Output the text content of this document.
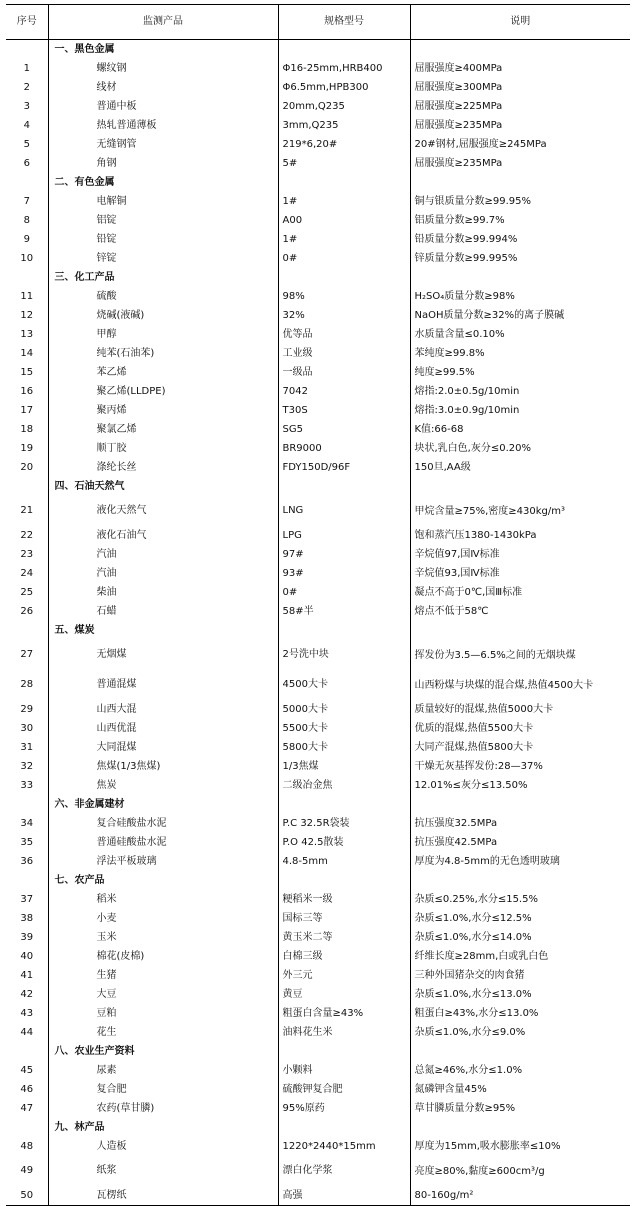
序号	监测产品	规格型号	说明
	一、黑色金属		
1	螺纹钢	Φ16-25mm,HRB400	屈服强度≥400MPa
2	线材	Φ6.5mm,HPB300	屈服强度≥300MPa
3	普通中板	20mm,Q235	屈服强度≥225MPa
4	热轧普通薄板	3mm,Q235	屈服强度≥235MPa
5	无缝钢管	219*6,20#	20#钢材,屈服强度≥245MPa
6	角钢	5#	屈服强度≥235MPa
	二、有色金属		
7	电解铜	1#	铜与银质量分数≥99.95%
8	铝锭	A00	铝质量分数≥99.7%
9	铅锭	1#	铅质量分数≥99.994%
10	锌锭	0#	锌质量分数≥99.995%
	三、化工产品		
11	硫酸	98%	H₂SO₄质量分数≥98%
12	烧碱(液碱)	32%	NaOH质量分数≥32%的离子膜碱
13	甲醇	优等品	水质量含量≤0.10%
14	纯苯(石油苯)	工业级	苯纯度≥99.8%
15	苯乙烯	一级品	纯度≥99.5%
16	聚乙烯(LLDPE)	7042	熔指:2.0±0.5g/10min
17	聚丙烯	T30S	熔指:3.0±0.9g/10min
18	聚氯乙烯	SG5	K值:66-68
19	顺丁胶	BR9000	块状,乳白色,灰分≤0.20%
20	涤纶长丝	FDY150D/96F	150旦,AA级
	四、石油天然气		
21	液化天然气	LNG	甲烷含量≥75%,密度≥430kg/m³
22	液化石油气	LPG	饱和蒸汽压1380-1430kPa
23	汽油	97#	辛烷值97,国Ⅳ标准
24	汽油	93#	辛烷值93,国Ⅳ标准
25	柴油	0#	凝点不高于0℃,国Ⅲ标准
26	石蜡	58#半	熔点不低于58℃
	五、煤炭		
27	无烟煤	2号洗中块	挥发份为3.5—6.5%之间的无烟块煤
28	普通混煤	4500大卡	山西粉煤与块煤的混合煤,热值4500大卡
29	山西大混	5000大卡	质量较好的混煤,热值5000大卡
30	山西优混	5500大卡	优质的混煤,热值5500大卡
31	大同混煤	5800大卡	大同产混煤,热值5800大卡
32	焦煤(1/3焦煤)	1/3焦煤	干燥无灰基挥发份:28—37%
33	焦炭	二级冶金焦	12.01%≤灰分≤13.50%
	六、非金属建材		
34	复合硅酸盐水泥	P.C 32.5R袋装	抗压强度32.5MPa
35	普通硅酸盐水泥	P.O 42.5散装	抗压强度42.5MPa
36	浮法平板玻璃	4.8-5mm	厚度为4.8-5mm的无色透明玻璃
	七、农产品		
37	稻米	粳稻米一级	杂质≤0.25%,水分≤15.5%
38	小麦	国标三等	杂质≤1.0%,水分≤12.5%
39	玉米	黄玉米二等	杂质≤1.0%,水分≤14.0%
40	棉花(皮棉)	白棉三级	纤维长度≥28mm,白或乳白色
41	生猪	外三元	三种外国猪杂交的肉食猪
42	大豆	黄豆	杂质≤1.0%,水分≤13.0%
43	豆粕	粗蛋白含量≥43%	粗蛋白≥43%,水分≤13.0%
44	花生	油料花生米	杂质≤1.0%,水分≤9.0%
	八、农业生产资料		
45	尿素	小颗料	总氮≥46%,水分≤1.0%
46	复合肥	硫酸钾复合肥	氮磷钾含量45%
47	农药(草甘膦)	95%原药	草甘膦质量分数≥95%
	九、林产品		
48	人造板	1220*2440*15mm	厚度为15mm,吸水膨胀率≤10%
49	纸浆	漂白化学浆	亮度≥80%,黏度≥600cm³/g
50	瓦楞纸	高强	80-160g/m²
